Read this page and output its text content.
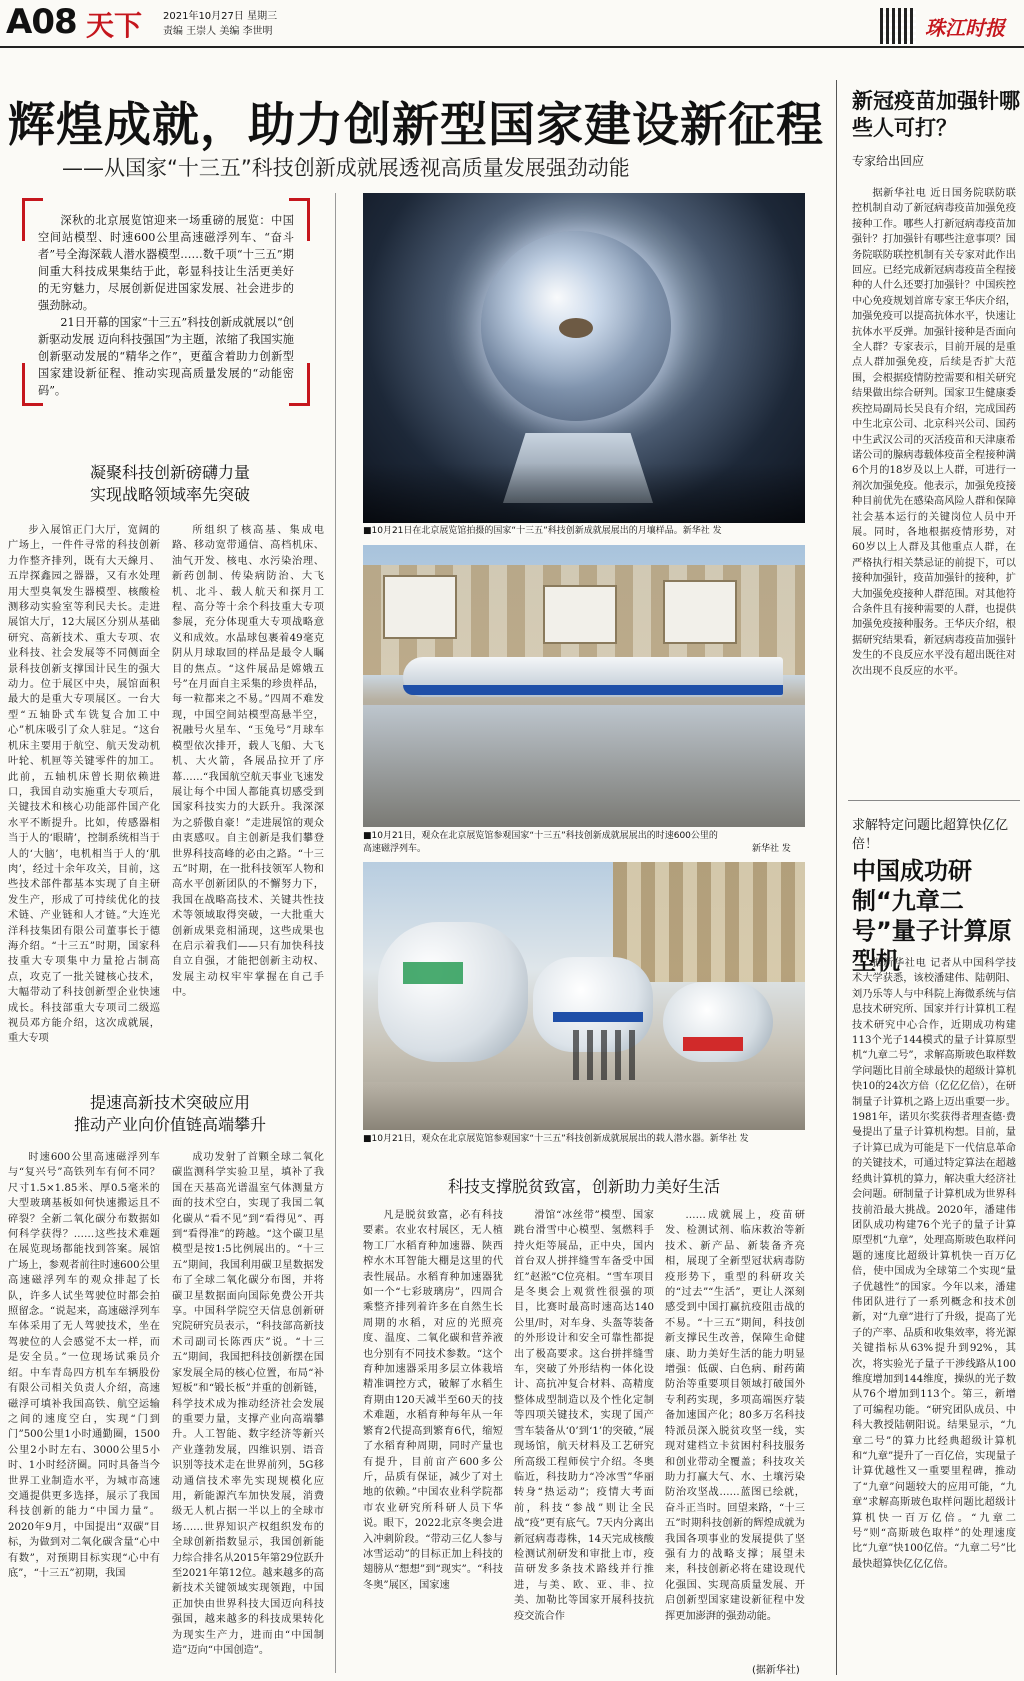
A08 天下 2021年10月27日 星期三
责编 王崇人 美编 李世明	珠江时报
辉煌成就，助力创新型国家建设新征程
——从国家“十三五”科技创新成就展透视高质量发展强劲动能

深秋的北京展览馆迎来一场重磅的展览：中国空间站模型、时速600公里高速磁浮列车、“奋斗者”号全海深载人潜水器模型……数千项“十三五”期间重大科技成果集结于此，彰显科技让生活更美好的无穷魅力，尽展创新促进国家发展、社会进步的强劲脉动。

21日开幕的国家“十三五”科技创新成就展以“创新驱动发展 迈向科技强国”为主题，浓缩了我国实施创新驱动发展的“精华之作”，更蕴含着助力创新型国家建设新征程、推动实现高质量发展的“动能密码”。

凝聚科技创新磅礴力量
实现战略领域率先突破

步入展馆正门大厅，宽阔的广场上，一件件寻常的科技创新力作整齐排列，既有大天線月、五岸探鑫园之器器，又有水处理用大型臭氧发生器模型、核酸检测移动实验室等利民夫长。走进展馆大厅，12大展区分别从基础研究、高新技术、重大专项、农业科技、社会发展等不同侧面全景科技创新支撑国计民生的强大动力。位于展区中央，展馆面积最大的是重大专项展区。一台大型“五轴卧式车铣复合加工中心”机床吸引了众人驻足。“这台机床主要用于航空、航天发动机叶轮、机匣等关键零件的加工。此前，五轴机床曾长期依赖进口，我国自动实施重大专项后，关键技术和核心功能部件国产化水平不断提升。比如，传感器相当于人的‘眼睛’，控制系统相当于人的‘大脑’，电机相当于人的‘肌肉’，经过十余年攻关，目前，这些技术部件都基本实现了自主研发生产，形成了可持续优化的技术链、产业链和人才链。”大连光洋科技集团有限公司董事长于德海介绍。“十三五”时期，国家科技重大专项集中力量抢占制高点，攻克了一批关键核心技术，大幅带动了科技创新型企业快速成长。科技部重大专项司二级巡视员邓方能介绍，这次成就展，重大专项

所组织了核高基、集成电路、移动宽带通信、高档机床、油气开发、核电、水污染治理、新药创制、传染病防治、大飞机、北斗、载人航天和探月工程、高分等十余个科技重大专项参展，充分体现重大专项战略意义和成效。水晶球包裹着49毫克阴从月球取回的样品是最令人瞩目的焦点。“这件展品是嫦娥五号”在月面自主采集的珍贵样品，每一粒都来之不易。”四周不难发现，中国空间站模型高悬半空，祝融号火星车、“玉兔号”月球车模型依次排开，载人飞船、大飞机、大火箭，各展品拉开了序幕……“我国航空航天事业飞速发展让每个中国人都能真切感受到国家科技实力的大跃升。我深深为之骄傲自豪！”走进展馆的观众由衷感叹。自主创新是我们攀登世界科技高峰的必由之路。“十三五”时期，在一批科技领军人物和高水平创新团队的不懈努力下，我国在战略高技术、关键共性技术等领域取得突破，一大批重大创新成果竞相涌现，这些成果也在启示着我们——只有加快科技自立自强，才能把创新主动权、发展主动权牢牢掌握在自己手中。

■10月21日在北京展览馆拍摄的国家“十三五”科技创新成就展展出的月壤样品。新华社 发
■10月21日，观众在北京展览馆参观国家“十三五”科技创新成就展展出的时速600公里的高速磁浮列车。	新华社 发
■10月21日，观众在北京展览馆参观国家“十三五”科技创新成就展展出的载人潜水器。新华社 发
提速高新技术突破应用
推动产业向价值链高端攀升

时速600公里高速磁浮列车与“复兴号”高铁列车有何不同？尺寸1.5×1.85米、厚0.5毫米的大型玻璃基板如何快速搬运且不碎裂？全新二氧化碳分布数据如何科学获得？……这些技术难题在展览现场都能找到答案。展馆广场上，参观者前往时速600公里高速磁浮列车的观众排起了长队，许多人试坐驾驶位时都会拍照留念。“说起来，高速磁浮列车车体采用了无人驾驶技术，坐在驾驶位的人会感觉不太一样，而是安全员。”一位现场试乘员介绍。中车青岛四方机车车辆股份有限公司相关负责人介绍，高速磁浮可填补我国高铁、航空运输之间的速度空白，实现“门到门”500公里1小时通勤圈，1500公里2小时左右、3000公里5小时、1小时经济圈。同时具备当今世界工业制造水平，为城市高速交通提供更多选择，展示了我国科技创新的能力“中国力量”。2020年9月，中国提出“双碳”目标，为做到对二氧化碳含量“心中有数”，对预期目标实现“心中有底”，“十三五”初期，我国

成功发射了首颗全球二氧化碳监测科学实验卫星，填补了我国在天基高光谱温室气体测量方面的技术空白，实现了我国二氧化碳从“看不见”到“看得见”、再到“看得准”的跨越。“这个碳卫星模型是按1:5比例展出的。“十三五”期间，我国利用碳卫星数据发布了全球二氧化碳分布图，并将碳卫星数据面向国际免费公开共享。中国科学院空天信息创新研究院研究员表示，“科技部高新技术司副司长陈西庆”说。“十三五”期间，我国把科技创新摆在国家发展全局的核心位置，布局“补短板”和“锻长板”并重的创新链，科学技术成为推动经济社会发展的重要力量，支撑产业向高端攀升。人工智能、数字经济等新兴产业蓬勃发展，四维识别、语音识别等技术走在世界前列，5G移动通信技术率先实现规模化应用，新能源汽车加快发展，消费级无人机占据一半以上的全球市场……世界知识产权组织发布的全球创新指数显示，我国创新能力综合排名从2015年第29位跃升至2021年第12位。越来越多的高新技术关键领域实现领跑，中国正加快由世界科技大国迈向科技强国，越来越多的科技成果转化为现实生产力，进而由“中国制造”迈向“中国创造”。

科技支撑脱贫致富，创新助力美好生活

凡是脱贫致富，必有科技要素。农业农村展区，无人植物工厂水稻育种加速器、陕西榨水木耳智能大棚是这里的代表性展品。水稻育种加速器犹如一个“七彩玻璃房”，四周合乘整齐排列着许多在自然生长周期的水稻，对应的光照亮度、温度、二氧化碳和营养液也分别有不同技术参数。“这个育种加速器采用多层立体栽培精准调控方式，破解了水稻生育期由120天减半至60天的技术难题，水稻育种每年从一年繁育2代提高到繁育6代，缩短了水稻育种周期，同时产量也有提升，目前亩产600多公斤，品质有保证，减少了对土地的依赖。”中国农业科学院都市农业研究所科研人员下华说。眼下，2022北京冬奥会进入冲刺阶段。“带动三亿人参与冰雪运动”的目标正加上科技的翅膀从“想想”到“现实”。“科技冬奥”展区，国家速

滑馆“冰丝带”模型、国家跳台滑雪中心模型、氢燃料手持火炬等展品，正中央，国内首台双人拼拌缝雪车备受中国红”赵淞”C位亮相。“雪车项目是冬奥会上观赏性很强的项目，比赛时最高时速高达140公里/时，对车身、头盔等装备的外形设计和安全可靠性都提出了极高要求。这台拼拌缝雪车，突破了外形结构一体化设计、高抗冲复合材料、高精度整体成型制造以及个性化定制等四项关键技术，实现了国产雪车装备从‘0’到‘1’的突破，”展现场馆，航天材料及工艺研究所高级工程师侯宁介绍。冬奥临近，科技助力“冷冰雪”华丽转身“热运动”；疫情大考面前，科技“参战”则让全民战“疫”更有底气。7天内分离出新冠病毒毒株，14天完成核酸检测试剂研发和审批上市，疫苗研发多条技术路线并行推进，与美、欧、亚、非、拉美、加勒比等国家开展科技抗疫交流合作

……成就展上，疫苗研发、检测试剂、临床救治等新技术、新产品、新装备齐亮相，展现了全新型冠状病毒防疫形势下，重型的科研攻关的“过去”“生活”，更让人深刻感受到中国打赢抗疫阻击战的不易。“十三五”期间，科技创新支撑民生改善，保障生命健康、助力美好生活的能力明显增强：低碳、白色病、耐药菌防治等重要项目领域打破国外专利药实现，多项高端医疗装备加速国产化；80多万名科技特派员深入脱贫攻坚一线，实现对建档立卡贫困村科技服务和创业带动全覆盖；科技攻关助力打赢大气、水、土壤污染防治攻坚战……蓝图已绘就，奋斗正当时。回望来路，“十三五”时期科技创新的辉煌成就为我国各项事业的发展提供了坚强有力的战略支撑；展望未来，科技创新必将在建设现代化强国、实现高质量发展、开启创新型国家建设新征程中发挥更加澎湃的强劲动能。

(据新华社)
新冠疫苗加强针哪些人可打？
专家给出回应

据新华社电 近日国务院联防联控机制自动了新冠病毒疫苗加强免疫接种工作。哪些人打新冠病毒疫苗加强针？打加强针有哪些注意事项？国务院联防联控机制有关专家对此作出回应。已经完成新冠病毒疫苗全程接种的人什么还要打加强针？中国疾控中心免疫规划首席专家王华庆介绍，加强免疫可以提高抗体水平，快速让抗体水平反弹。加强针接种是否面向全人群？专家表示，目前开展的是重点人群加强免疫，后续是否扩大范围，会根据疫情防控需要和相关研究结果做出综合研判。国家卫生健康委疾控局副局长吴良有介绍，完成国药中生北京公司、北京科兴公司、国药中生武汉公司的灭活疫苗和天津康希诺公司的腺病毒载体疫苗全程接种满6个月的18岁及以上人群，可进行一剂次加强免疫。他表示，加强免疫接种目前优先在感染高风险人群和保障社会基本运行的关键岗位人员中开展。同时，各地根据疫情形势，对60岁以上人群及其他重点人群，在严格执行相关禁忌证的前提下，可以接种加强针，疫苗加强针的接种，扩大加强免疫接种人群范围。对其他符合条件且有接种需要的人群，也提供加强免疫接种服务。王华庆介绍，根据研究结果看，新冠病毒疫苗加强针发生的不良反应水平没有超出既往对次出现不良反应的水平。

求解特定问题比超算快亿亿倍！
中国成功研制“九章二号”量子计算原型机

据新华社电 记者从中国科学技术大学获悉，该校潘建伟、陆朝阳、刘乃乐等人与中科院上海微系统与信息技术研究所、国家并行计算机工程技术研究中心合作，近期成功构建113个光子144模式的量子计算原型机“九章二号”，求解高斯玻色取样数学问题比目前全球最快的超级计算机快10的24次方倍（亿亿亿倍），在研制量子计算机之路上迈出重要一步。1981年，诺贝尔奖获得者理查德·费曼提出了量子计算机构想。目前，量子计算已成为可能是下一代信息革命的关键技术，可通过特定算法在超越经典计算机的算力，解决重大经济社会问题。研制量子计算机成为世界科技前沿最大挑战。2020年，潘建伟团队成功构建76个光子的量子计算原型机“九章”，处理高斯玻色取样问题的速度比超级计算机快一百万亿倍，使中国成为全球第二个实现“量子优越性”的国家。今年以来，潘建伟团队进行了一系列概念和技术创新，对“九章”进行了升级，提高了光子的产率、品质和收集效率，将光源关键指标从63%提升到92%，其次，将实验光子量子干涉线路从100维度增加到144维度，操纵的光子数从76个增加到113个。第三，新增了可编程功能。“研究团队成员、中科大教授陆朝阳说。结果显示，“九章二号”的算力比经典超级计算机和“九章”提升了一百亿倍，实现量子计算优越性又一重要里程碑，推动了“九章”问题较大的应用可能，“九章”求解高斯玻色取样问题比超级计算机快一百万亿倍。“九章二号”则“高斯玻色取样”的处理速度比“九章”快100亿倍。“九章二号”比最快超算快亿亿亿倍。
